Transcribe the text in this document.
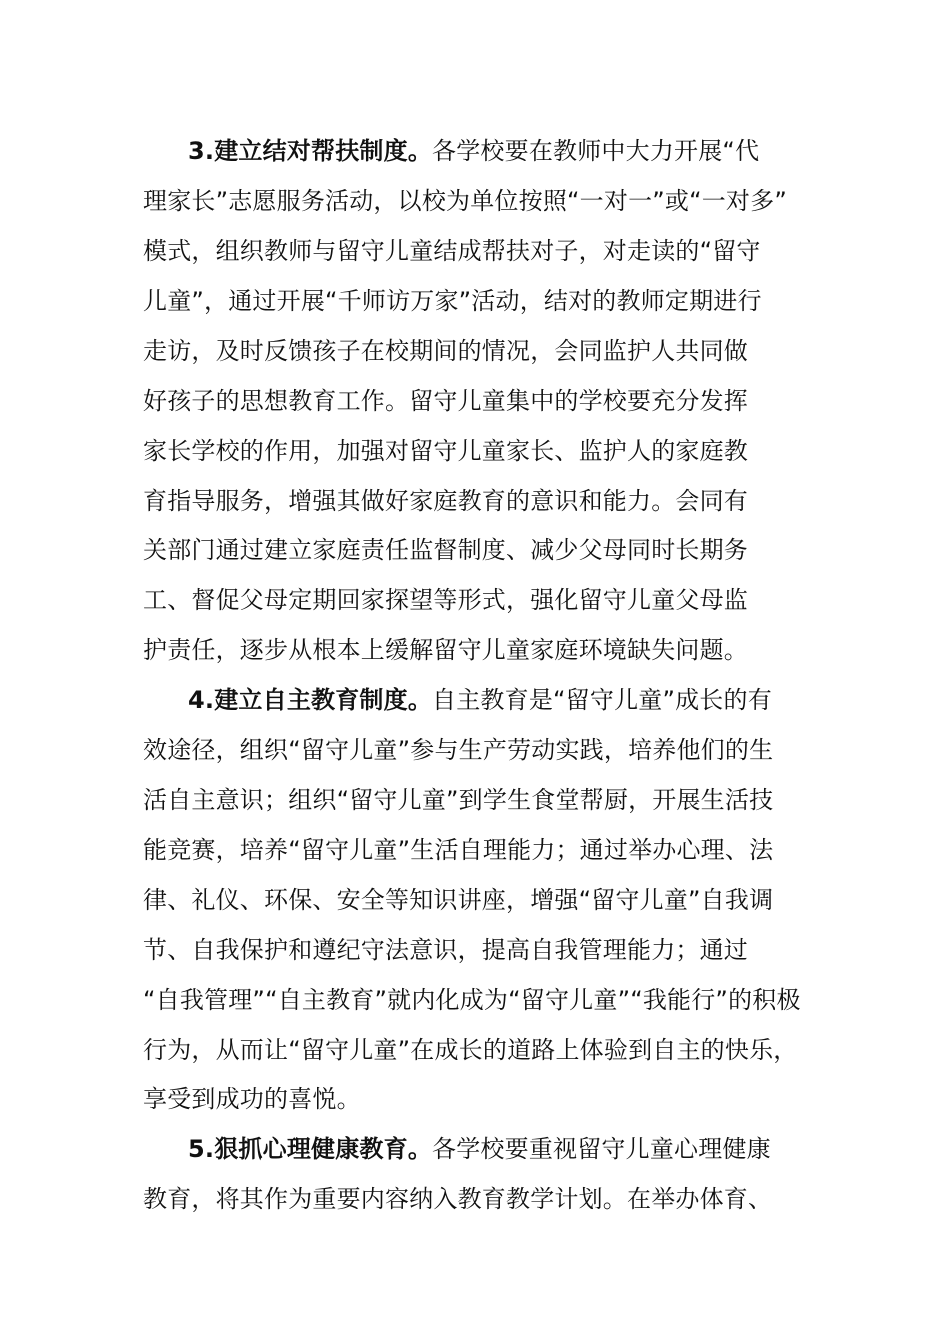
3.建立结对帮扶制度。各学校要在教师中大力开展“代
理家长”志愿服务活动，以校为单位按照“一对一”或“一对多”
模式，组织教师与留守儿童结成帮扶对子，对走读的“留守
儿童”，通过开展“千师访万家”活动，结对的教师定期进行
走访，及时反馈孩子在校期间的情况，会同监护人共同做
好孩子的思想教育工作。留守儿童集中的学校要充分发挥
家长学校的作用，加强对留守儿童家长、监护人的家庭教
育指导服务，增强其做好家庭教育的意识和能力。会同有
关部门通过建立家庭责任监督制度、减少父母同时长期务
工、督促父母定期回家探望等形式，强化留守儿童父母监
护责任，逐步从根本上缓解留守儿童家庭环境缺失问题。
4.建立自主教育制度。自主教育是“留守儿童”成长的有
效途径，组织“留守儿童”参与生产劳动实践，培养他们的生
活自主意识；组织“留守儿童”到学生食堂帮厨，开展生活技
能竞赛，培养“留守儿童”生活自理能力；通过举办心理、法
律、礼仪、环保、安全等知识讲座，增强“留守儿童”自我调
节、自我保护和遵纪守法意识，提高自我管理能力；通过
“自我管理”“自主教育”就内化成为“留守儿童”“我能行”的积极
行为，从而让“留守儿童”在成长的道路上体验到自主的快乐，
享受到成功的喜悦。
5.狠抓心理健康教育。各学校要重视留守儿童心理健康
教育，将其作为重要内容纳入教育教学计划。在举办体育、
